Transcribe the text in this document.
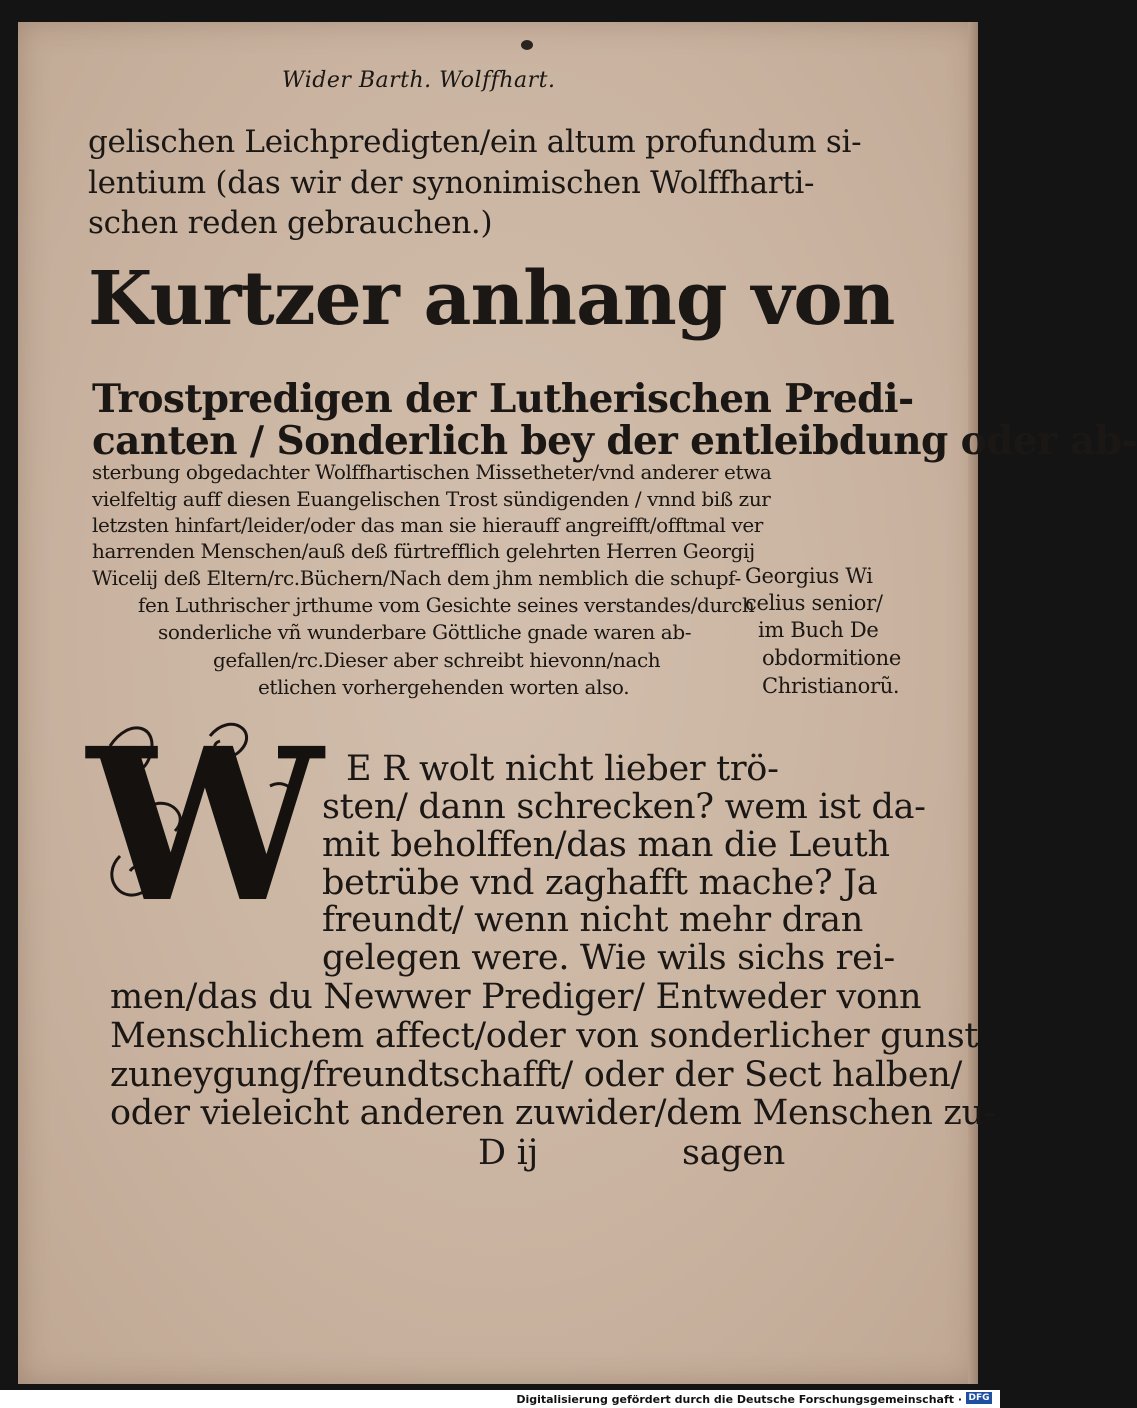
Wider Barth. Wolffhart.
gelischen Leichpredigten/ein altum profundum si-
lentium (das wir der synonimischen Wolffharti-
schen reden gebrauchen.)
Kurtzer anhang von
Trostpredigen der Lutherischen Predi-
canten / Sonderlich bey der entleibdung oder ab-
sterbung obgedachter Wolffhartischen Missetheter/vnd anderer etwa
vielfeltig auff diesen Euangelischen Trost sündigenden / vnnd biß zur
letzsten hinfart/leider/oder das man sie hierauff angreifft/offtmal ver
harrenden Menschen/auß deß fürtrefflich gelehrten Herren Georgij
Wicelij deß Eltern/rc.Büchern/Nach dem jhm nemblich die schupf-
fen Luthrischer jrthume vom Gesichte seines verstandes/durch
sonderliche vñ wunderbare Göttliche gnade waren ab-
gefallen/rc.Dieser aber schreibt hievonn/nach
etlichen vorhergehenden worten also.
Georgius Wi
celius senior/
im Buch De
obdormitione
Christianorũ.
W E R wolt nicht lieber trö-
sten/ dann schrecken? wem ist da-
mit beholffen/das man die Leuth
betrübe vnd zaghafft mache? Ja
freundt/ wenn nicht mehr dran
gelegen were. Wie wils sichs rei-
men/das du Newwer Prediger/ Entweder vonn
Menschlichem affect/oder von sonderlicher gunst
zuneygung/freundtschafft/ oder der Sect halben/
oder vieleicht anderen zuwider/dem Menschen zu-
D ij	sagen
Digitalisierung gefördert durch die Deutsche Forschungsgemeinschaft · DFG
